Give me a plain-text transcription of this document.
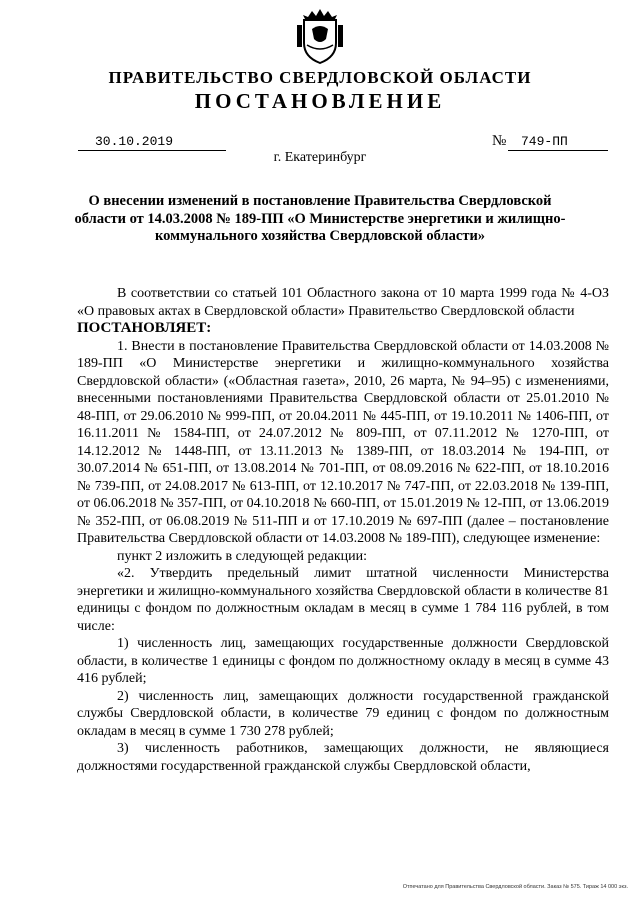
ПРАВИТЕЛЬСТВО СВЕРДЛОВСКОЙ ОБЛАСТИ
ПОСТАНОВЛЕНИЕ
30.10.2019	№ 749-ПП
г. Екатеринбург
О внесении изменений в постановление Правительства Свердловской области от 14.03.2008 № 189-ПП «О Министерстве энергетики и жилищно-коммунального хозяйства Свердловской области»

В соответствии со статьей 101 Областного закона от 10 марта 1999 года № 4-ОЗ «О правовых актах в Свердловской области» Правительство Свердловской области

ПОСТАНОВЛЯЕТ:

1. Внести в постановление Правительства Свердловской области от 14.03.2008 № 189-ПП «О Министерстве энергетики и жилищно-коммунального хозяйства Свердловской области» («Областная газета», 2010, 26 марта, № 94–95) с изменениями, внесенными постановлениями Правительства Свердловской области от 25.01.2010 № 48-ПП, от 29.06.2010 № 999-ПП, от 20.04.2011 № 445-ПП, от 19.10.2011 № 1406-ПП, от 16.11.2011 № 1584-ПП, от 24.07.2012 № 809-ПП, от 07.11.2012 № 1270-ПП, от 14.12.2012 № 1448-ПП, от 13.11.2013 № 1389-ПП, от 18.03.2014 № 194-ПП, от 30.07.2014 № 651-ПП, от 13.08.2014 № 701-ПП, от 08.09.2016 № 622-ПП, от 18.10.2016 № 739-ПП, от 24.08.2017 № 613-ПП, от 12.10.2017 № 747-ПП, от 22.03.2018 № 139-ПП, от 06.06.2018 № 357-ПП, от 04.10.2018 № 660-ПП, от 15.01.2019 № 12-ПП, от 13.06.2019 № 352-ПП, от 06.08.2019 № 511-ПП и от 17.10.2019 № 697-ПП (далее – постановление Правительства Свердловской области от 14.03.2008 № 189-ПП), следующее изменение:

пункт 2 изложить в следующей редакции:

«2. Утвердить предельный лимит штатной численности Министерства энергетики и жилищно-коммунального хозяйства Свердловской области в количестве 81 единицы с фондом по должностным окладам в месяц в сумме 1 784 116 рублей, в том числе:

1) численность лиц, замещающих государственные должности Свердловской области, в количестве 1 единицы с фондом по должностному окладу в месяц в сумме 43 416 рублей;

2) численность лиц, замещающих должности государственной гражданской службы Свердловской области, в количестве 79 единиц с фондом по должностным окладам в месяц в сумме 1 730 278 рублей;

3) численность работников, замещающих должности, не являющиеся должностями государственной гражданской службы Свердловской области,

Отпечатано для Правительства Свердловской области. Заказ № 575. Тираж 14 000 экз.
